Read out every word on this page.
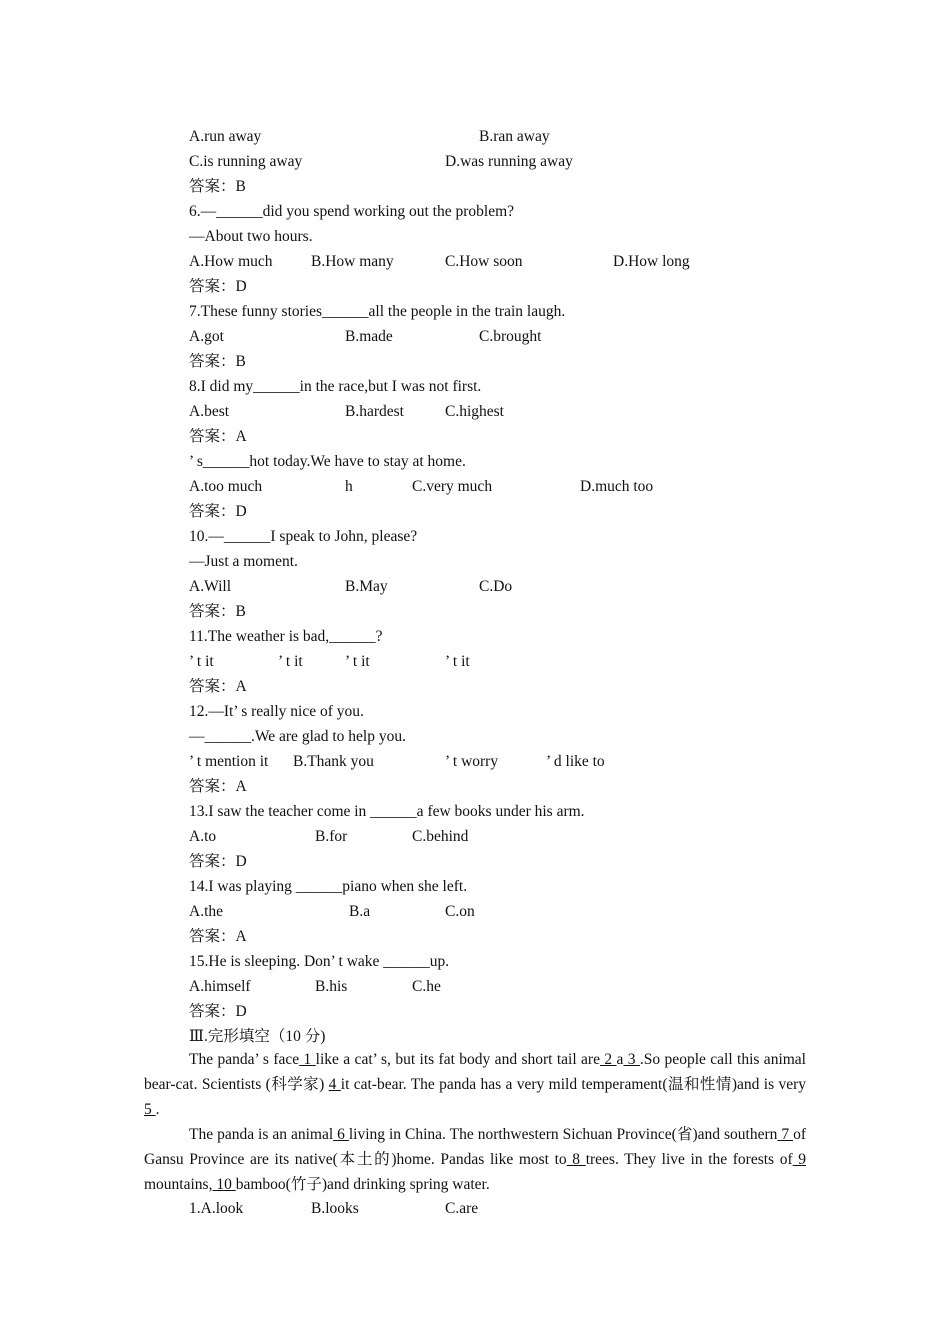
A.run away

	B.ran away

C.is running away

	D.was running away

答案：B
6.—______did you spend working out the problem?
—About two hours.

A.How much

B.How many

	C.How soon

	D.How long

答案：D
7.These funny stories______all the people in the train laugh.

A.got

	B.made

	C.brought

答案：B
8.I did my______in the race,but I was not first.

A.best

	B.hardest

	C.highest

答案：A
’ s______hot today.We have to stay at home.

A.too much

	h

	C.very much

	D.much too

答案：D
10.—______I speak to John, please?
—Just a moment.

A.Will

	B.May

	C.Do

答案：B
11.The weather is bad,______?

’ t it

	’ t it

	’ t it

	’ t it

答案：A
12.—It’ s really nice of you.
—______.We are glad to help you.

’ t mention it

B.Thank you

	’ t worry

	’ d like to

答案：A
13.I saw the teacher come in ______a few books under his arm.

A.to

	B.for

	C.behind

答案：D
14.I was playing ______piano when she left.

A.the

	B.a

	C.on

答案：A
15.He is sleeping. Don’ t wake ______up.

A.himself

	B.his

	C.he

答案：D
Ⅲ.完形填空（10 分)
The panda’ s face 1 like a cat’ s, but its fat body and short tail are 2 a 3 .So people call this animal bear-cat. Scientists (科学家) 4 it cat-bear. The panda has a very mild temperament(温和性情)and is very 5 .
The panda is an animal 6 living in China. The northwestern Sichuan Province(省)and southern 7 of Gansu Province are its native(本土的)home. Pandas like most to 8 trees. They live in the forests of 9 mountains, 10 bamboo(竹子)and drinking spring water.

1.A.look

	B.looks

	C.are
